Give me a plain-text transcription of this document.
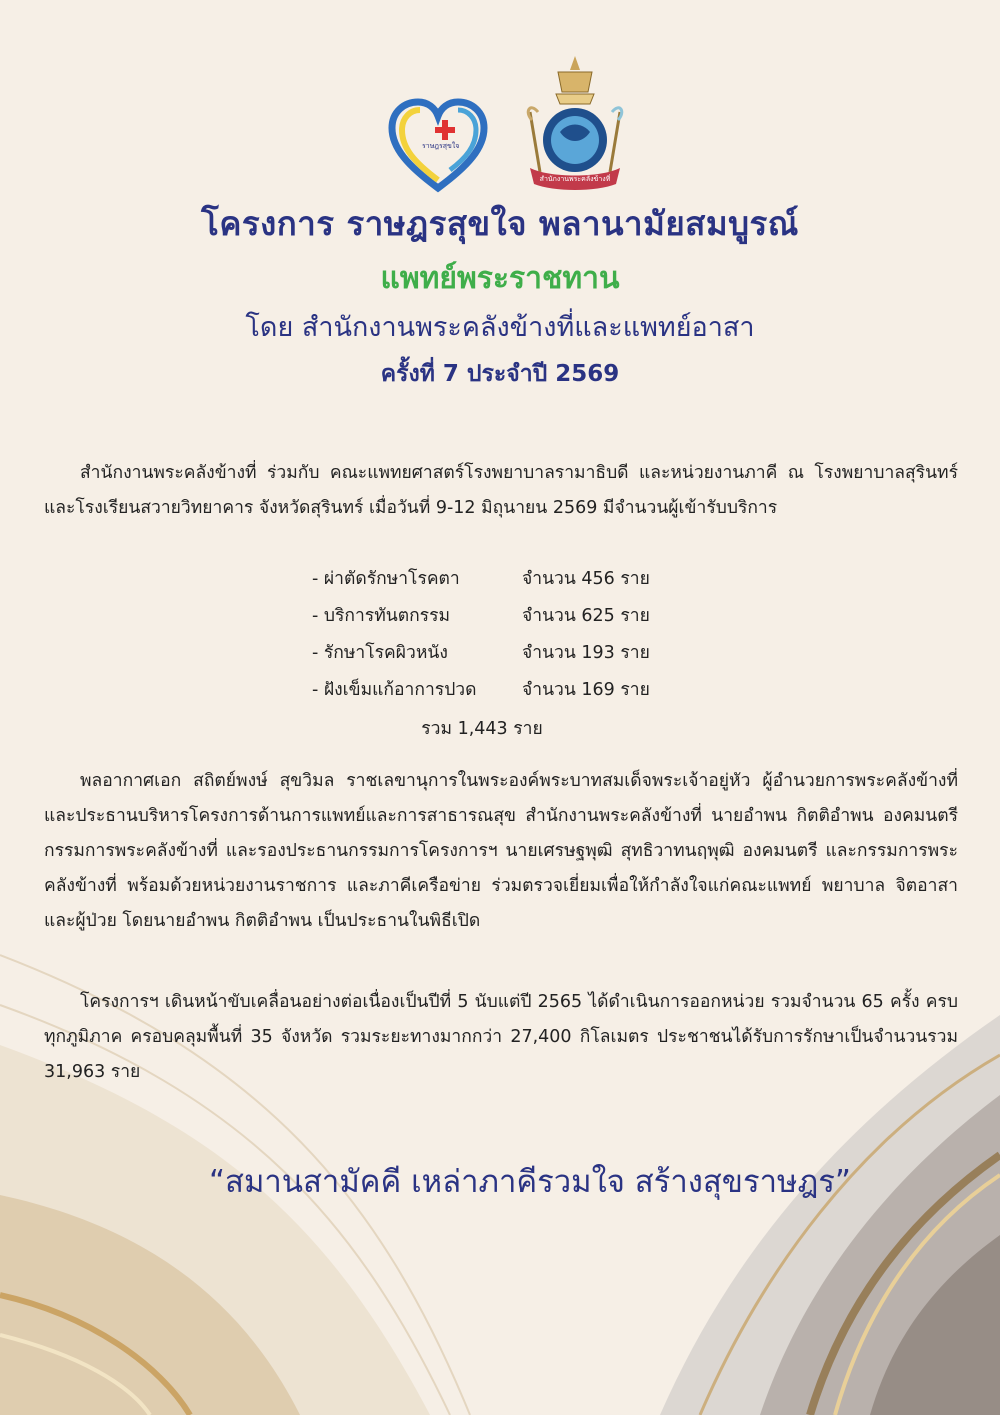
ราษฎรสุขใจ
สำนักงานพระคลังข้างที่
โครงการ ราษฎรสุขใจ พลานามัยสมบูรณ์
แพทย์พระราชทาน
โดย สำนักงานพระคลังข้างที่และแพทย์อาสา
ครั้งที่ 7 ประจำปี 2569

สำนักงานพระคลังข้างที่ ร่วมกับ คณะแพทยศาสตร์โรงพยาบาลรามาธิบดี และหน่วยงานภาคี ณ โรงพยาบาลสุรินทร์ และโรงเรียนสวายวิทยาคาร จังหวัดสุรินทร์ เมื่อวันที่ 9-12 มิถุนายน 2569 มีจำนวนผู้เข้ารับบริการ

- ผ่าตัดรักษาโรคตา	จำนวน 456 ราย
- บริการทันตกรรม	จำนวน 625 ราย
- รักษาโรคผิวหนัง	จำนวน 193 ราย
- ฝังเข็มแก้อาการปวด	จำนวน 169 ราย
รวม 1,443 ราย

พลอากาศเอก สถิตย์พงษ์ สุขวิมล ราชเลขานุการในพระองค์พระบาทสมเด็จพระเจ้าอยู่หัว ผู้อำนวยการพระคลังข้างที่ และประธานบริหารโครงการด้านการแพทย์และการสาธารณสุข สำนักงานพระคลังข้างที่ นายอำพน กิตติอำพน องคมนตรี กรรมการพระคลังข้างที่ และรองประธานกรรมการโครงการฯ นายเศรษฐพุฒิ สุทธิวาทนฤพุฒิ องคมนตรี และกรรมการพระคลังข้างที่ พร้อมด้วยหน่วยงานราชการ และภาคีเครือข่าย ร่วมตรวจเยี่ยมเพื่อให้กำลังใจแก่คณะแพทย์ พยาบาล จิตอาสา และผู้ป่วย โดยนายอำพน กิตติอำพน เป็นประธานในพิธีเปิด

โครงการฯ เดินหน้าขับเคลื่อนอย่างต่อเนื่องเป็นปีที่ 5 นับแต่ปี 2565 ได้ดำเนินการออกหน่วย รวมจำนวน 65 ครั้ง ครบทุกภูมิภาค ครอบคลุมพื้นที่ 35 จังหวัด รวมระยะทางมากกว่า 27,400 กิโลเมตร ประชาชนได้รับการรักษาเป็นจำนวนรวม 31,963 ราย

“สมานสามัคคี เหล่าภาคีรวมใจ สร้างสุขราษฎร”
